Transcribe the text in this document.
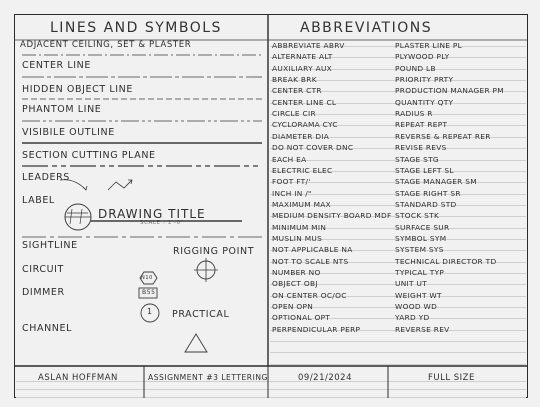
LINES AND SYMBOLS	ABBREVIATIONS
ADJACENT CEILING, SET & PLASTER
CENTER LINE
HIDDEN OBJECT LINE
PHANTOM LINE
VISIBILE OUTLINE
SECTION CUTTING PLANE
LEADERS
LABEL
DRAWING TITLE
SCALE : 1'-0"
SIGHTLINE
RIGGING POINT
CIRCUIT
DIMMER
PRACTICAL
CHANNEL
N10
B55
1
ABBREVIATE ABRV
ALTERNATE ALT
AUXILIARY AUX
BREAK BRK
CENTER CTR
CENTER LINE CL
CIRCLE CIR
CYCLORAMA CYC
DIAMETER DIA
DO NOT COVER DNC
EACH EA
ELECTRIC ELEC
FOOT FT/'
INCH IN /"
MAXIMUM MAX
MEDIUM DENSITY BOARD MDF
MINIMUM MIN
MUSLIN MUS
NOT APPLICABLE NA
NOT TO SCALE NTS
NUMBER NO
OBJECT OBJ
ON CENTER OC/OC
OPEN OPN
OPTIONAL OPT
PERPENDICULAR PERP
PLASTER LINE PL
PLYWOOD PLY
POUND LB
PRIORITY PRTY
PRODUCTION MANAGER PM
QUANTITY QTY
RADIUS R
REPEAT REPT
REVERSE & REPEAT RER
REVISE REVS
STAGE STG
STAGE LEFT SL
STAGE MANAGER SM
STAGE RIGHT SR
STANDARD STD
STOCK STK
SURFACE SUR
SYMBOL SYM
SYSTEM SYS
TECHNICAL DIRECTOR TD
TYPICAL TYP
UNIT UT
WEIGHT WT
WOOD WD
YARD YD
REVERSE REV
ASLAN HOFFMAN	ASSIGNMENT #3 LETTERING	09/21/2024	FULL SIZE
